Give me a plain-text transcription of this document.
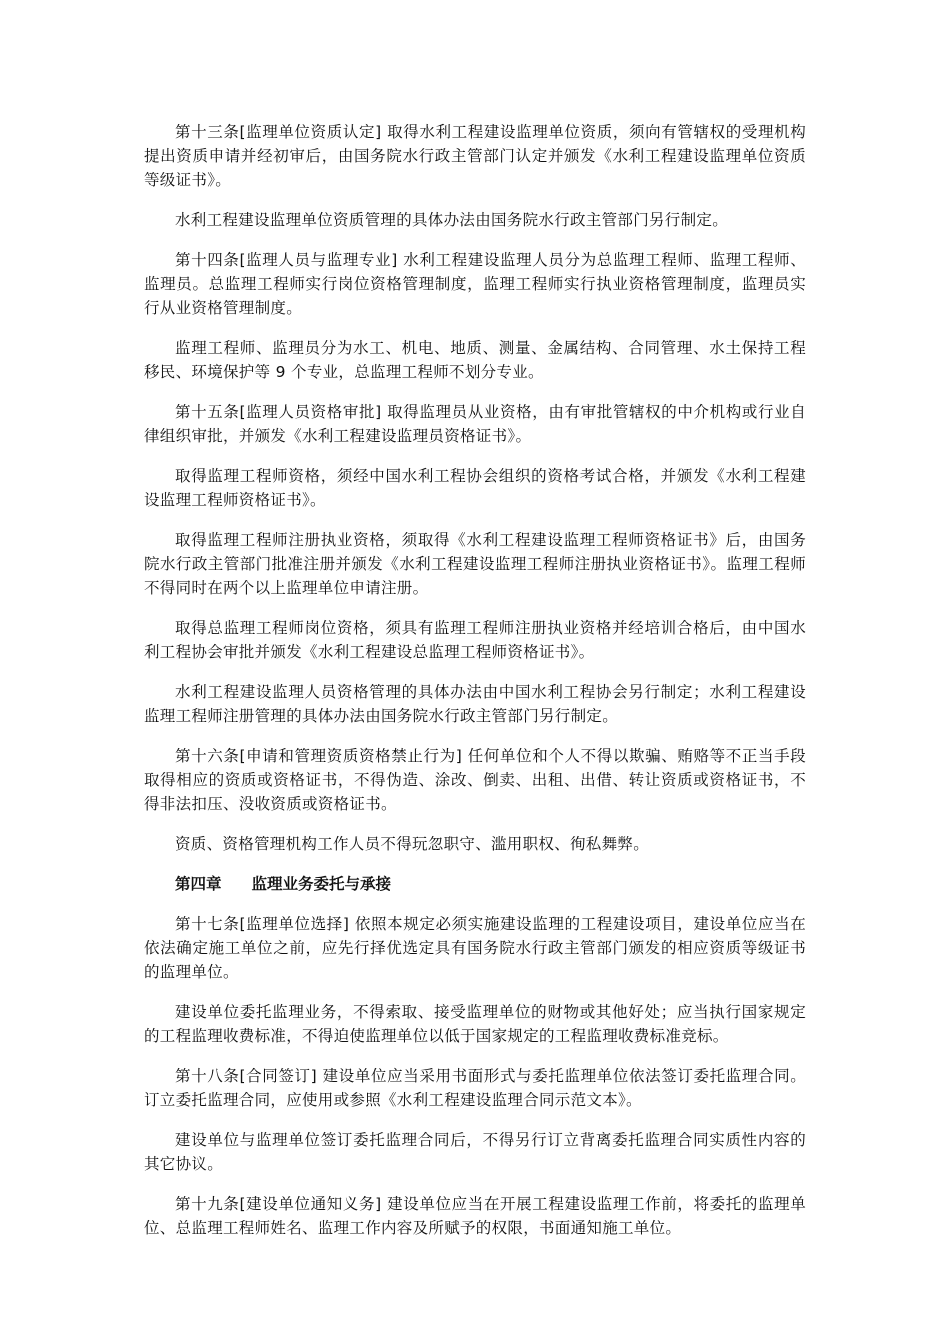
第十三条[监理单位资质认定] 取得水利工程建设监理单位资质，须向有管辖权的受理机构提出资质申请并经初审后，由国务院水行政主管部门认定并颁发《水利工程建设监理单位资质等级证书》。

水利工程建设监理单位资质管理的具体办法由国务院水行政主管部门另行制定。

第十四条[监理人员与监理专业] 水利工程建设监理人员分为总监理工程师、监理工程师、监理员。总监理工程师实行岗位资格管理制度，监理工程师实行执业资格管理制度，监理员实行从业资格管理制度。

监理工程师、监理员分为水工、机电、地质、测量、金属结构、合同管理、水土保持工程移民、环境保护等 9 个专业，总监理工程师不划分专业。

第十五条[监理人员资格审批] 取得监理员从业资格，由有审批管辖权的中介机构或行业自律组织审批，并颁发《水利工程建设监理员资格证书》。

取得监理工程师资格，须经中国水利工程协会组织的资格考试合格，并颁发《水利工程建设监理工程师资格证书》。

取得监理工程师注册执业资格，须取得《水利工程建设监理工程师资格证书》后，由国务院水行政主管部门批准注册并颁发《水利工程建设监理工程师注册执业资格证书》。监理工程师不得同时在两个以上监理单位申请注册。

取得总监理工程师岗位资格，须具有监理工程师注册执业资格并经培训合格后，由中国水利工程协会审批并颁发《水利工程建设总监理工程师资格证书》。

水利工程建设监理人员资格管理的具体办法由中国水利工程协会另行制定；水利工程建设监理工程师注册管理的具体办法由国务院水行政主管部门另行制定。

第十六条[申请和管理资质资格禁止行为] 任何单位和个人不得以欺骗、贿赂等不正当手段取得相应的资质或资格证书，不得伪造、涂改、倒卖、出租、出借、转让资质或资格证书，不得非法扣压、没收资质或资格证书。

资质、资格管理机构工作人员不得玩忽职守、滥用职权、徇私舞弊。

第四章 监理业务委托与承接

第十七条[监理单位选择] 依照本规定必须实施建设监理的工程建设项目，建设单位应当在依法确定施工单位之前，应先行择优选定具有国务院水行政主管部门颁发的相应资质等级证书的监理单位。

建设单位委托监理业务，不得索取、接受监理单位的财物或其他好处；应当执行国家规定的工程监理收费标准，不得迫使监理单位以低于国家规定的工程监理收费标准竞标。

第十八条[合同签订] 建设单位应当采用书面形式与委托监理单位依法签订委托监理合同。订立委托监理合同，应使用或参照《水利工程建设监理合同示范文本》。

建设单位与监理单位签订委托监理合同后，不得另行订立背离委托监理合同实质性内容的其它协议。

第十九条[建设单位通知义务] 建设单位应当在开展工程建设监理工作前，将委托的监理单位、总监理工程师姓名、监理工作内容及所赋予的权限，书面通知施工单位。
